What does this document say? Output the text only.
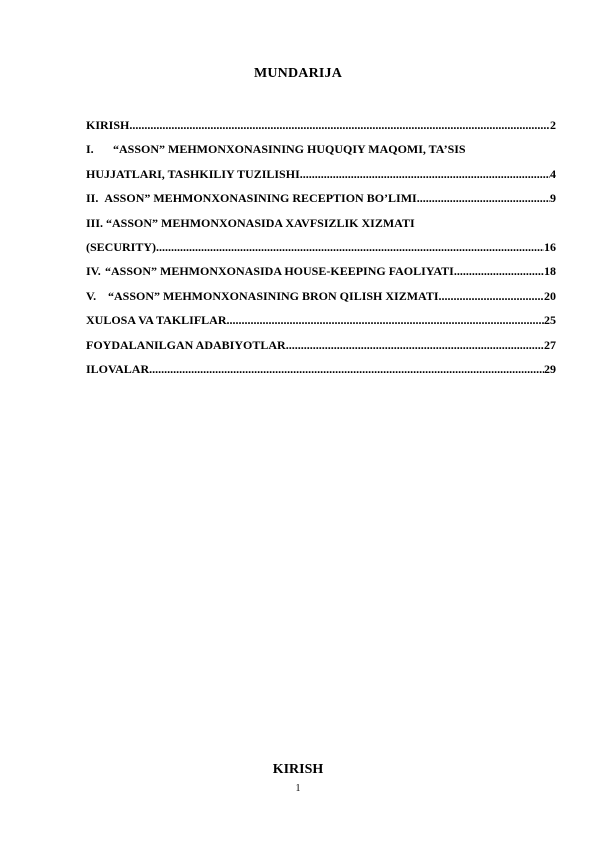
MUNDARIJA
KIRISH .....	2
I. “ASSON” MEHMONXONASINING HUQUQIY MAQOMI, TA’SIS
HUJJATLARI, TASHKILIY TUZILISHI .....	4
II. ASSON” MEHMONXONASINING RECEPTION BO’LIMI .....	9
III. “ASSON” MEHMONXONASIDA XAVFSIZLIK XIZMATI
(SECURITY) .....	16
IV. “ASSON” MEHMONXONASIDA HOUSE-KEEPING FAOLIYATI .....	18
V. “ASSON” MEHMONXONASINING BRON QILISH XIZMATI .....	20
XULOSA VA TAKLIFLAR .....	25
FOYDALANILGAN ADABIYOTLAR .....	27
ILOVALAR .....	29
KIRISH
1
